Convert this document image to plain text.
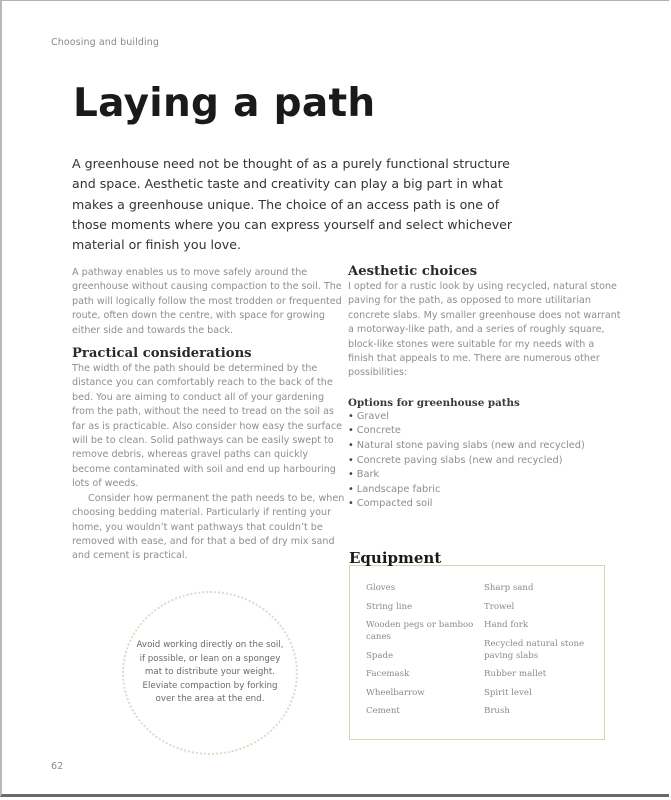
Choosing and building
Laying a path

A greenhouse need not be thought of as a purely functional structure and space. Aesthetic taste and creativity can play a big part in what makes a greenhouse unique. The choice of an access path is one of those moments where you can express yourself and select whichever material or finish you love.

A pathway enables us to move safely around the greenhouse without causing compaction to the soil. The path will logically follow the most trodden or frequented route, often down the centre, with space for growing either side and towards the back.

Practical considerations

The width of the path should be determined by the distance you can comfortably reach to the back of the bed. You are aiming to conduct all of your gardening from the path, without the need to tread on the soil as far as is practicable. Also consider how easy the surface will be to clean. Solid pathways can be easily swept to remove debris, whereas gravel paths can quickly become contaminated with soil and end up harbouring lots of weeds.

Consider how permanent the path needs to be, when choosing bedding material. Particularly if renting your home, you wouldn’t want pathways that couldn’t be removed with ease, and for that a bed of dry mix sand and cement is practical.

Aesthetic choices

I opted for a rustic look by using recycled, natural stone paving for the path, as opposed to more utilitarian concrete slabs. My smaller greenhouse does not warrant a motorway-like path, and a series of roughly square, block-like stones were suitable for my needs with a finish that appeals to me. There are numerous other possibilities:

Options for greenhouse paths
• Gravel
• Concrete
• Natural stone paving slabs (new and recycled)
• Concrete paving slabs (new and recycled)
• Bark
• Landscape fabric
• Compacted soil
Gloves
String line
Wooden pegs or bamboo canes
Spade
Facemask
Wheelbarrow
Cement
Sharp sand
Trowel
Hand fork
Recycled natural stone paving slabs
Rubber mallet
Spirit level
Brush
Equipment

Avoid working directly on the soil, if possible, or lean on a spongey mat to distribute your weight. Eleviate compaction by forking over the area at the end.

62
